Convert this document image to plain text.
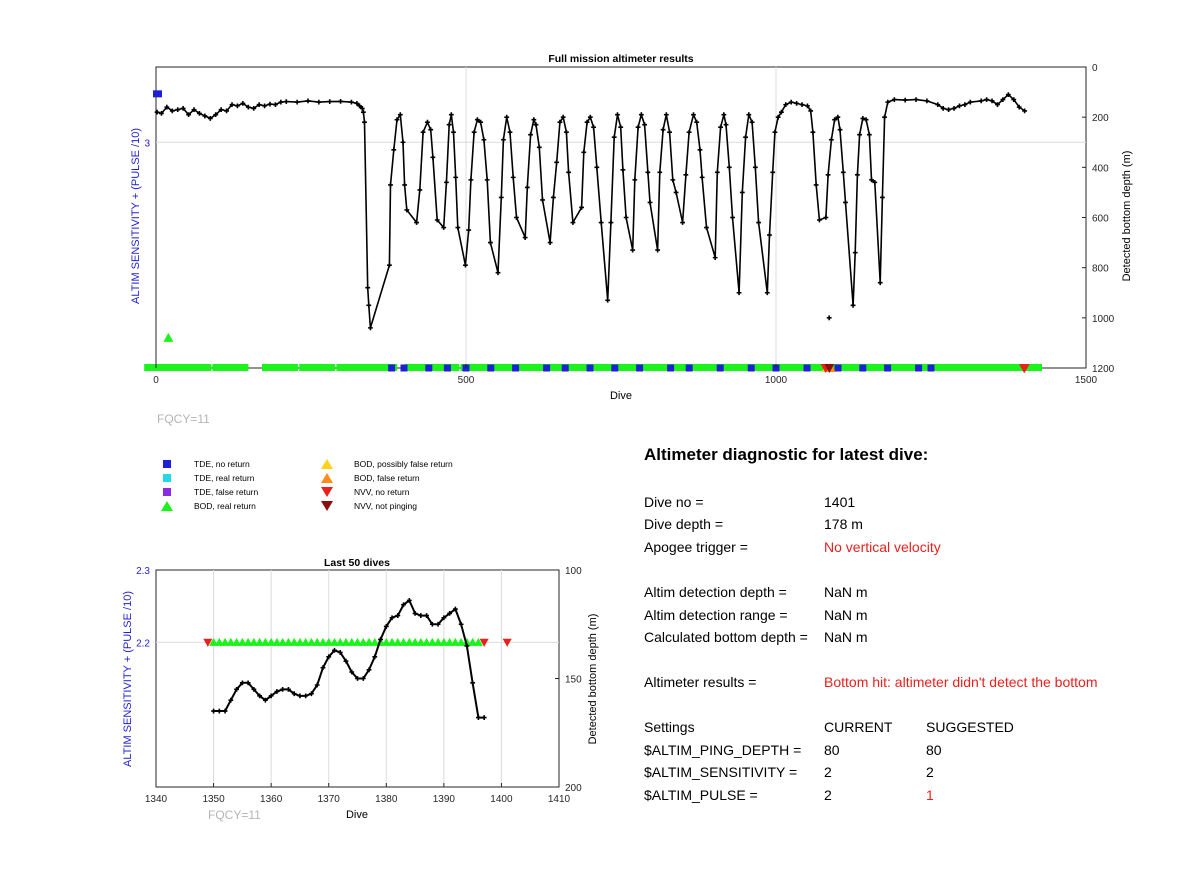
0	500	1000	1500
0
200
400
600
800
1000
1200
3
Full mission altimeter results
Dive
ALTIM SENSITIVITY + (PULSE /10)	Detected bottom depth (m)
FQCY=11
TDE, no return
TDE, real return
TDE, false return
BOD, real return
BOD, possibly false return
BOD, false return
NVV, no return
NVV, not pinging
1340	1350	1360	1370	1380	1390	1400	1410
100
150
200
2.2
2.3
Last 50 dives
Dive
ALTIM SENSITIVITY + (PULSE /10)	Detected bottom depth (m)
FQCY=11
Altimeter diagnostic for latest dive:
Dive no =	1401
Dive depth =	178 m
Apogee trigger =	No vertical velocity
Altim detection depth =	NaN m
Altim detection range =	NaN m
Calculated bottom depth = NaN m
Altimeter results =	Bottom hit: altimeter didn't detect the bottom
Settings	CURRENT SUGGESTED
$ALTIM_PING_DEPTH = 80	80
$ALTIM_SENSITIVITY = 2	2
$ALTIM_PULSE =	2	1
